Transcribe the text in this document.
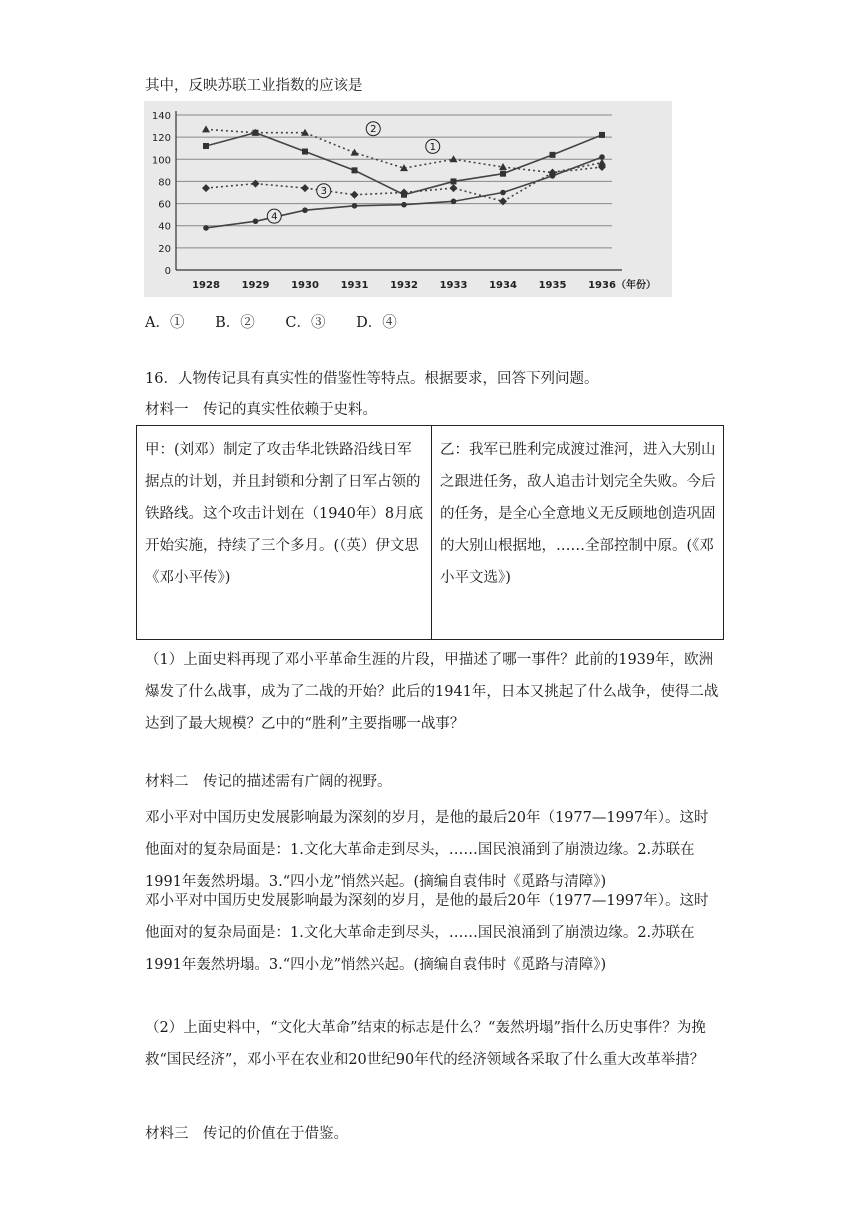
其中，反映苏联工业指数的应该是
0
20
40
60
80
100
120
140
1928 1929 1930 1931 1932 1933 1934 1935 1936 （年份）
1
2
3
4
A．① B．② C．③ D．④
16．人物传记具有真实性的借鉴性等特点。根据要求，回答下列问题。
材料一　传记的真实性依赖于史料。
甲：(刘邓）制定了攻击华北铁路沿线日军据点的计划，并且封锁和分割了日军占领的铁路线。这个攻击计划在（1940年）8月底开始实施，持续了三个多月。(（英）伊文思《邓小平传》)	乙：我军已胜利完成渡过淮河，进入大别山之跟进任务，敌人追击计划完全失败。今后的任务，是全心全意地义无反顾地创造巩固的大别山根据地，……全部控制中原。(《邓小平文选》)
（1）上面史料再现了邓小平革命生涯的片段，甲描述了哪一事件？此前的1939年，欧洲爆发了什么战事，成为了二战的开始？此后的1941年，日本又挑起了什么战争，使得二战达到了最大规模？乙中的“胜利”主要指哪一战事？
材料二　传记的描述需有广阔的视野。
邓小平对中国历史发展影响最为深刻的岁月，是他的最后20年（1977—1997年）。这时他面对的复杂局面是：1.文化大革命走到尽头，……国民浪涌到了崩溃边缘。2.苏联在1991年轰然坍塌。3.“四小龙”悄然兴起。(摘编自袁伟时《觅路与清障》)
邓小平对中国历史发展影响最为深刻的岁月，是他的最后20年（1977—1997年）。这时他面对的复杂局面是：1.文化大革命走到尽头，……国民浪涌到了崩溃边缘。2.苏联在1991年轰然坍塌。3.“四小龙”悄然兴起。(摘编自袁伟时《觅路与清障》)
（2）上面史料中，“文化大革命”结束的标志是什么？“轰然坍塌”指什么历史事件？为挽救“国民经济”，邓小平在农业和20世纪90年代的经济领域各采取了什么重大改革举措？
材料三　传记的价值在于借鉴。
